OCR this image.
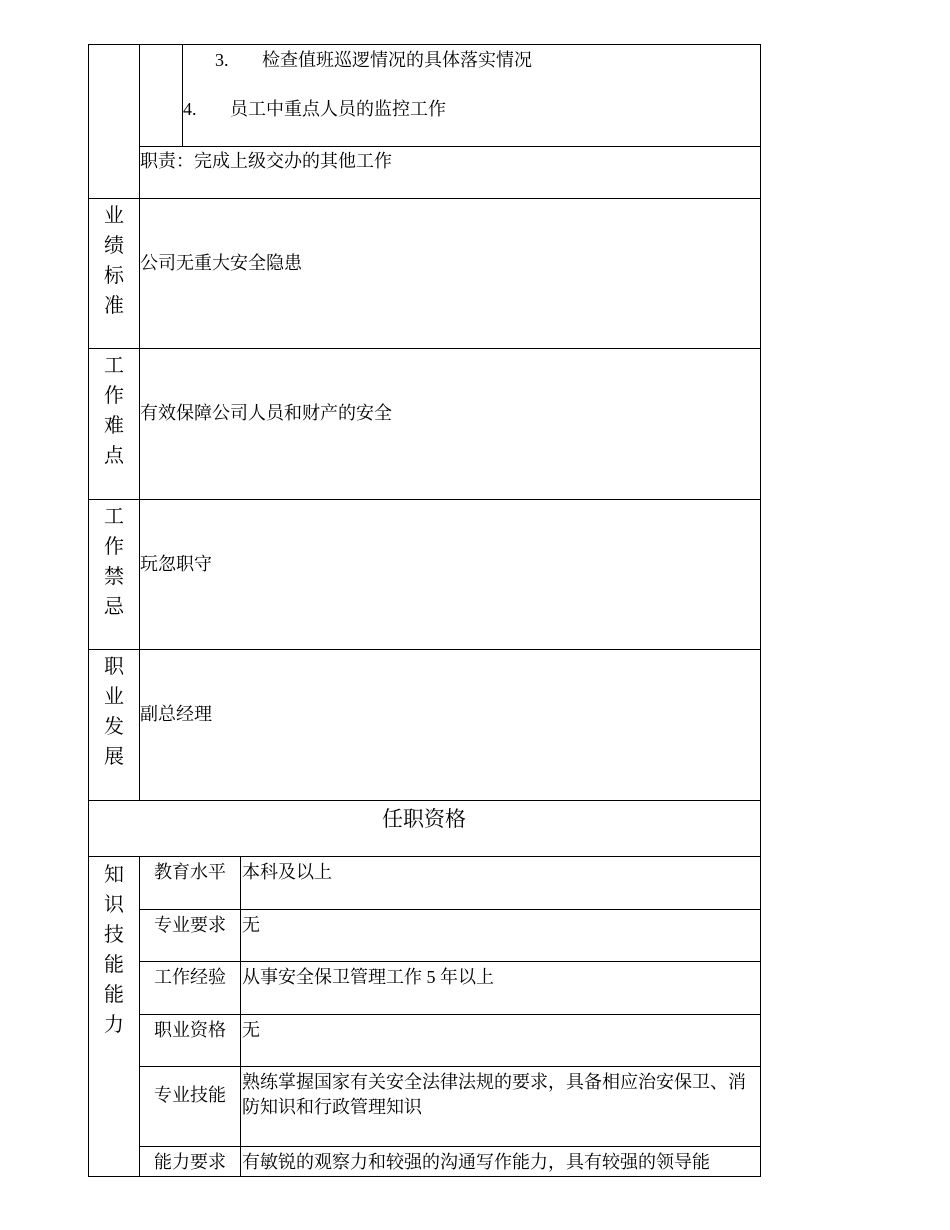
3. 检查值班巡逻情况的具体落实情况
4. 员工中重点人员的监控工作
职责：完成上级交办的其他工作
业
绩
标
准
公司无重大安全隐患
工
作
难
点
有效保障公司人员和财产的安全
工
作
禁
忌
玩忽职守
职
业
发
展
副总经理
任职资格
知
识
技
能
能
力
教育水平 本科及以上
专业要求 无
工作经验 从事安全保卫管理工作 5 年以上
职业资格 无
专业技能
熟练掌握国家有关安全法律法规的要求，具备相应治安保卫、消防知识和行政管理知识
能力要求 有敏锐的观察力和较强的沟通写作能力，具有较强的领导能
